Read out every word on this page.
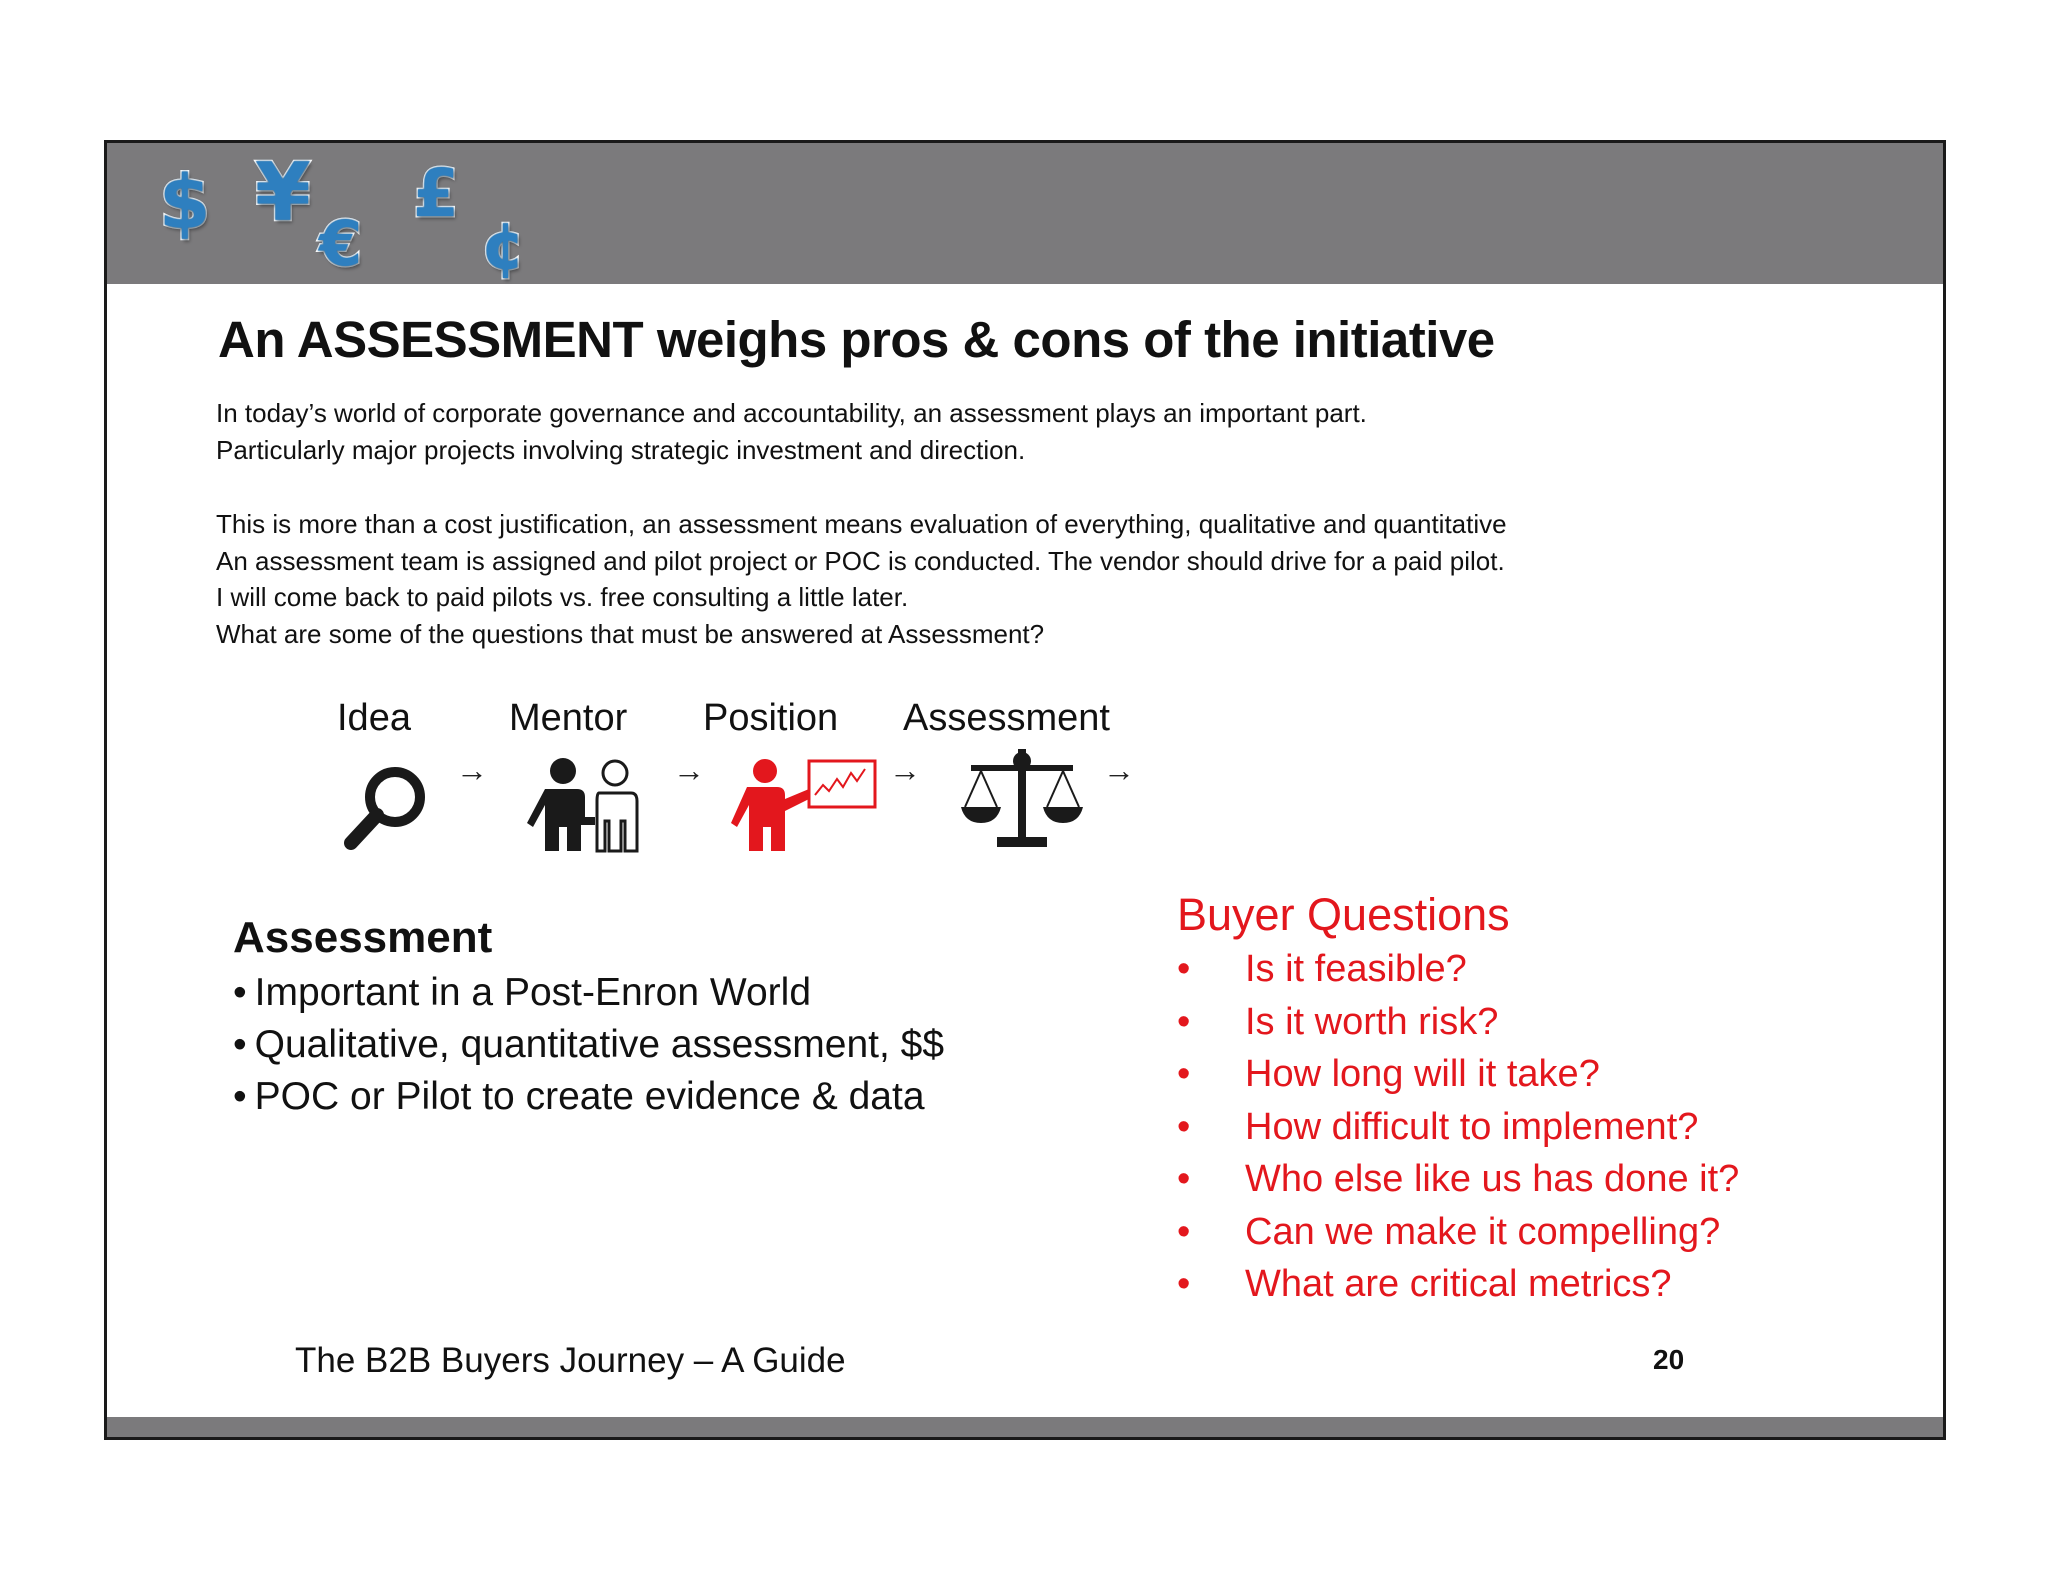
$ ¥
€
£
¢
An ASSESSMENT weighs pros & cons of the initiative

In today’s world of corporate governance and accountability, an assessment plays an important part.

Particularly major projects involving strategic investment and direction.

This is more than a cost justification, an assessment means evaluation of everything, qualitative and quantitative

An assessment team is assigned and pilot project or POC is conducted. The vendor should drive for a paid pilot.

I will come back to paid pilots vs. free consulting a little later.

What are some of the questions that must be answered at Assessment?

Idea	Mentor Position Assessment
→	→	→	→
Assessment
• Important in a Post-Enron World
• Qualitative, quantitative assessment, $$
• POC or Pilot to create evidence & data
Buyer Questions
• Is it feasible?
• Is it worth risk?
• How long will it take?
• How difficult to implement?
• Who else like us has done it?
• Can we make it compelling?
• What are critical metrics?
The B2B Buyers Journey – A Guide	20
